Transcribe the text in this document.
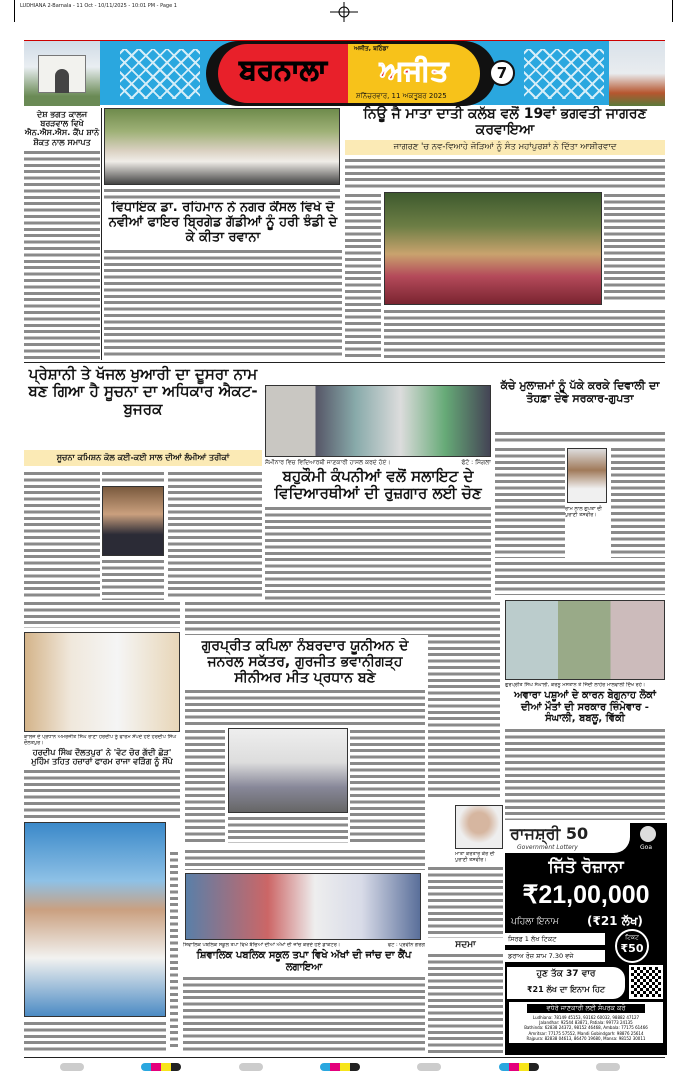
LUDHIANA 2-Barnala - 11 Oct - 10/11/2025 - 10:01 PM - Page 1
ਬਰਨਾਲਾ
ਅਜੀਤ, ਬਠਿੰਡਾ
ਅਜੀਤ
ਸ਼ਨਿੱਚਰਵਾਰ, 11 ਅਕਤੂਬਰ 2025
7
ਦੇਸ਼ ਭਗਤ ਕਾਲਜ ਬਰੜਵਾਲ ਵਿਖੇ ਐਨ.ਐਸ.ਐਸ. ਕੈਂਪ ਸ਼ਾਨੋ ਸ਼ੌਕਤ ਨਾਲ ਸਮਾਪਤ
ਵਿਧਾਇਕ ਡਾ. ਰਹਿਮਾਨ ਨੇ ਨਗਰ ਕੌਂਸਲ ਵਿਖੇ ਦੋ ਨਵੀਆਂ ਫਾਇਰ ਬ੍ਰਿਗੇਡ ਗੱਡੀਆਂ ਨੂੰ ਹਰੀ ਝੰਡੀ ਦੇ ਕੇ ਕੀਤਾ ਰਵਾਨਾ
ਨਿਊ ਜੈ ਮਾਤਾ ਦਾਤੀ ਕਲੱਬ ਵਲੋਂ 19ਵਾਂ ਭਗਵਤੀ ਜਾਗਰਣ ਕਰਵਾਇਆ
ਜਾਗਰਣ 'ਚ ਨਵ-ਵਿਆਹੇ ਜੋੜਿਆਂ ਨੂੰ ਸੰਤ ਮਹਾਂਪੁਰਸ਼ਾਂ ਨੇ ਦਿੱਤਾ ਆਸ਼ੀਰਵਾਦ
ਪ੍ਰੇਸ਼ਾਨੀ ਤੇ ਖੱਜਲ ਖੁਆਰੀ ਦਾ ਦੂਸਰਾ ਨਾਮ ਬਣ ਗਿਆ ਹੈ ਸੂਚਨਾ ਦਾ ਅਧਿਕਾਰ ਐਕਟ-ਬੁਜਰਕ
ਸੂਚਨਾ ਕਮਿਸ਼ਨ ਕੋਲ ਕਈ-ਕਈ ਸਾਲ ਦੀਆਂ ਲੰਮੀਆਂ ਤਰੀਕਾਂ
ਸੈਮੀਨਾਰ ਵਿਚ ਵਿਦਿਆਰਥੀ ਜਾਣਕਾਰੀ ਹਾਸਲ ਕਰਦੇ ਹੋਏ।	ਫੋਟੋ : ਸਿੰਗਲਾ
ਬਹੁਕੌਮੀ ਕੰਪਨੀਆਂ ਵਲੋਂ ਸਲਾਇਟ ਦੇ ਵਿਦਿਆਰਥੀਆਂ ਦੀ ਰੁਜ਼ਗਾਰ ਲਈ ਚੋਣ
ਕੱਚੇ ਮੁਲਾਜ਼ਮਾਂ ਨੂੰ ਪੱਕੇ ਕਰਕੇ ਦਿਵਾਲੀ ਦਾ ਤੋਹਫ਼ਾ ਦੇਵੇ ਸਰਕਾਰ-ਗੁਪਤਾ
ਰਾਮ ਲਾਲ ਗੁਪਤਾ ਦੀ ਪੁਰਾਣੀ ਤਸਵੀਰ।
ਗੁਰਪ੍ਰੀਤ ਸਿੰਘ ਸੰਘਾਲੀ, ਕਰਨੂ ਮਸਤਾਨ ਤੇ ਜਿੰਦੀ ਲਾਹੌਰ ਮਾਲਵਾਲੀ ਦਿੱਖ ਰਹੇ।
ਅਵਾਰਾ ਪਸ਼ੂਆਂ ਦੇ ਕਾਰਨ ਬੇਗੁਨਾਹ ਲੋਕਾਂ ਦੀਆਂ ਮੌਤਾਂ ਦੀ ਸਰਕਾਰ ਜ਼ਿੰਮੇਵਾਰ - ਸੰਘਾਲੀ, ਬਬਲੂ, ਵਿੱਕੀ
ਕਾਲਜ ਦੇ ਪ੍ਰਧਾਨ ਅਮਰਜੀਤ ਸਿੰਘ ਰਾਣਾ ਹਰਦੀਪ ਨੂੰ ਫਾਰਮ ਸੌਂਪਦੇ ਹੋਏ ਹਰਦੀਪ ਸਿੰਘ ਦੌਲਤਪੁਰ।
ਹਰਦੀਪ ਸਿੰਘ ਦੌਲਤਪੁਰ' ਨੇ 'ਵੋਟ ਚੋਰ ਗੱਦੀ ਛੋੜ' ਮੁਹਿੰਮ ਤਹਿਤ ਹਜ਼ਾਰਾਂ ਫਾਰਮ ਰਾਜਾ ਵੜਿੰਗ ਨੂੰ ਸੌਂਪੇ
ਗੁਰਪ੍ਰੀਤ ਕਪਿਲਾ ਨੰਬਰਦਾਰ ਯੂਨੀਅਨ ਦੇ ਜਨਰਲ ਸਕੱਤਰ, ਗੁਰਜੀਤ ਭਵਾਨੀਗੜ੍ਹ ਸੀਨੀਅਰ ਮੀਤ ਪ੍ਰਧਾਨ ਬਣੇ
ਮਾਤਾ ਕਰਤਾਰ ਕੌਰ ਦੀ ਪੁਰਾਣੀ ਤਸਵੀਰ।
ਸਦਮਾ
ਸ਼ਿਵਾਲਿਕ ਪਬਲਿਕ ਸਕੂਲ ਤਪਾ ਵਿਖੇ ਬੱਚਿਆਂ ਦੀਆਂ ਅੱਖਾਂ ਦੀ ਜਾਂਚ ਕਰਦੇ ਹੋਏ ਡਾਕਟਰ।	ਫੋਟੋ : ਪ੍ਰਵੀਨ ਗਰਗ
ਸ਼ਿਵਾਲਿਕ ਪਬਲਿਕ ਸਕੂਲ ਤਪਾ ਵਿਖੇ ਅੱਖਾਂ ਦੀ ਜਾਂਚ ਦਾ ਕੈਂਪ ਲਗਾਇਆ
ਰਾਜਸ਼੍ਰੀ 50
Government Lottery	Goa
ਜਿੱਤੋ ਰੋਜ਼ਾਨਾ
₹21,00,000
ਪਹਿਲਾ ਇਨਾਮ (₹21 ਲੱਖ)
ਸਿਰਫ 1 ਲੱਖ ਟਿਕਟ
ਡਰਾਅ ਰੋਜ਼ ਸ਼ਾਮ 7.30 ਵਜੇ
ਟਿਕਟ
₹50
ਹੁਣ ਤੱਕ 37 ਵਾਰ
₹21 ਲੱਖ ਦਾ ਇਨਾਮ ਹਿਟ
ਵਧੇਰੇ ਜਾਣਕਾਰੀ ਲਈ ਸੰਪਰਕ ਕਰੋ
Ludhiana: 78149 45153, 93162 60032, 98882 47127
Jalandhar: 92544 83871, Patiala: 99773 24135
Bathinda: 62838 24372, 98152 46468, Ambala: 77175 61466
Amritsar: 77175 57552, Mandi Gobindgarh: 98876 25614
Rajpura: 82838 04613, 86470 19680, Mansa: 98152 30011
